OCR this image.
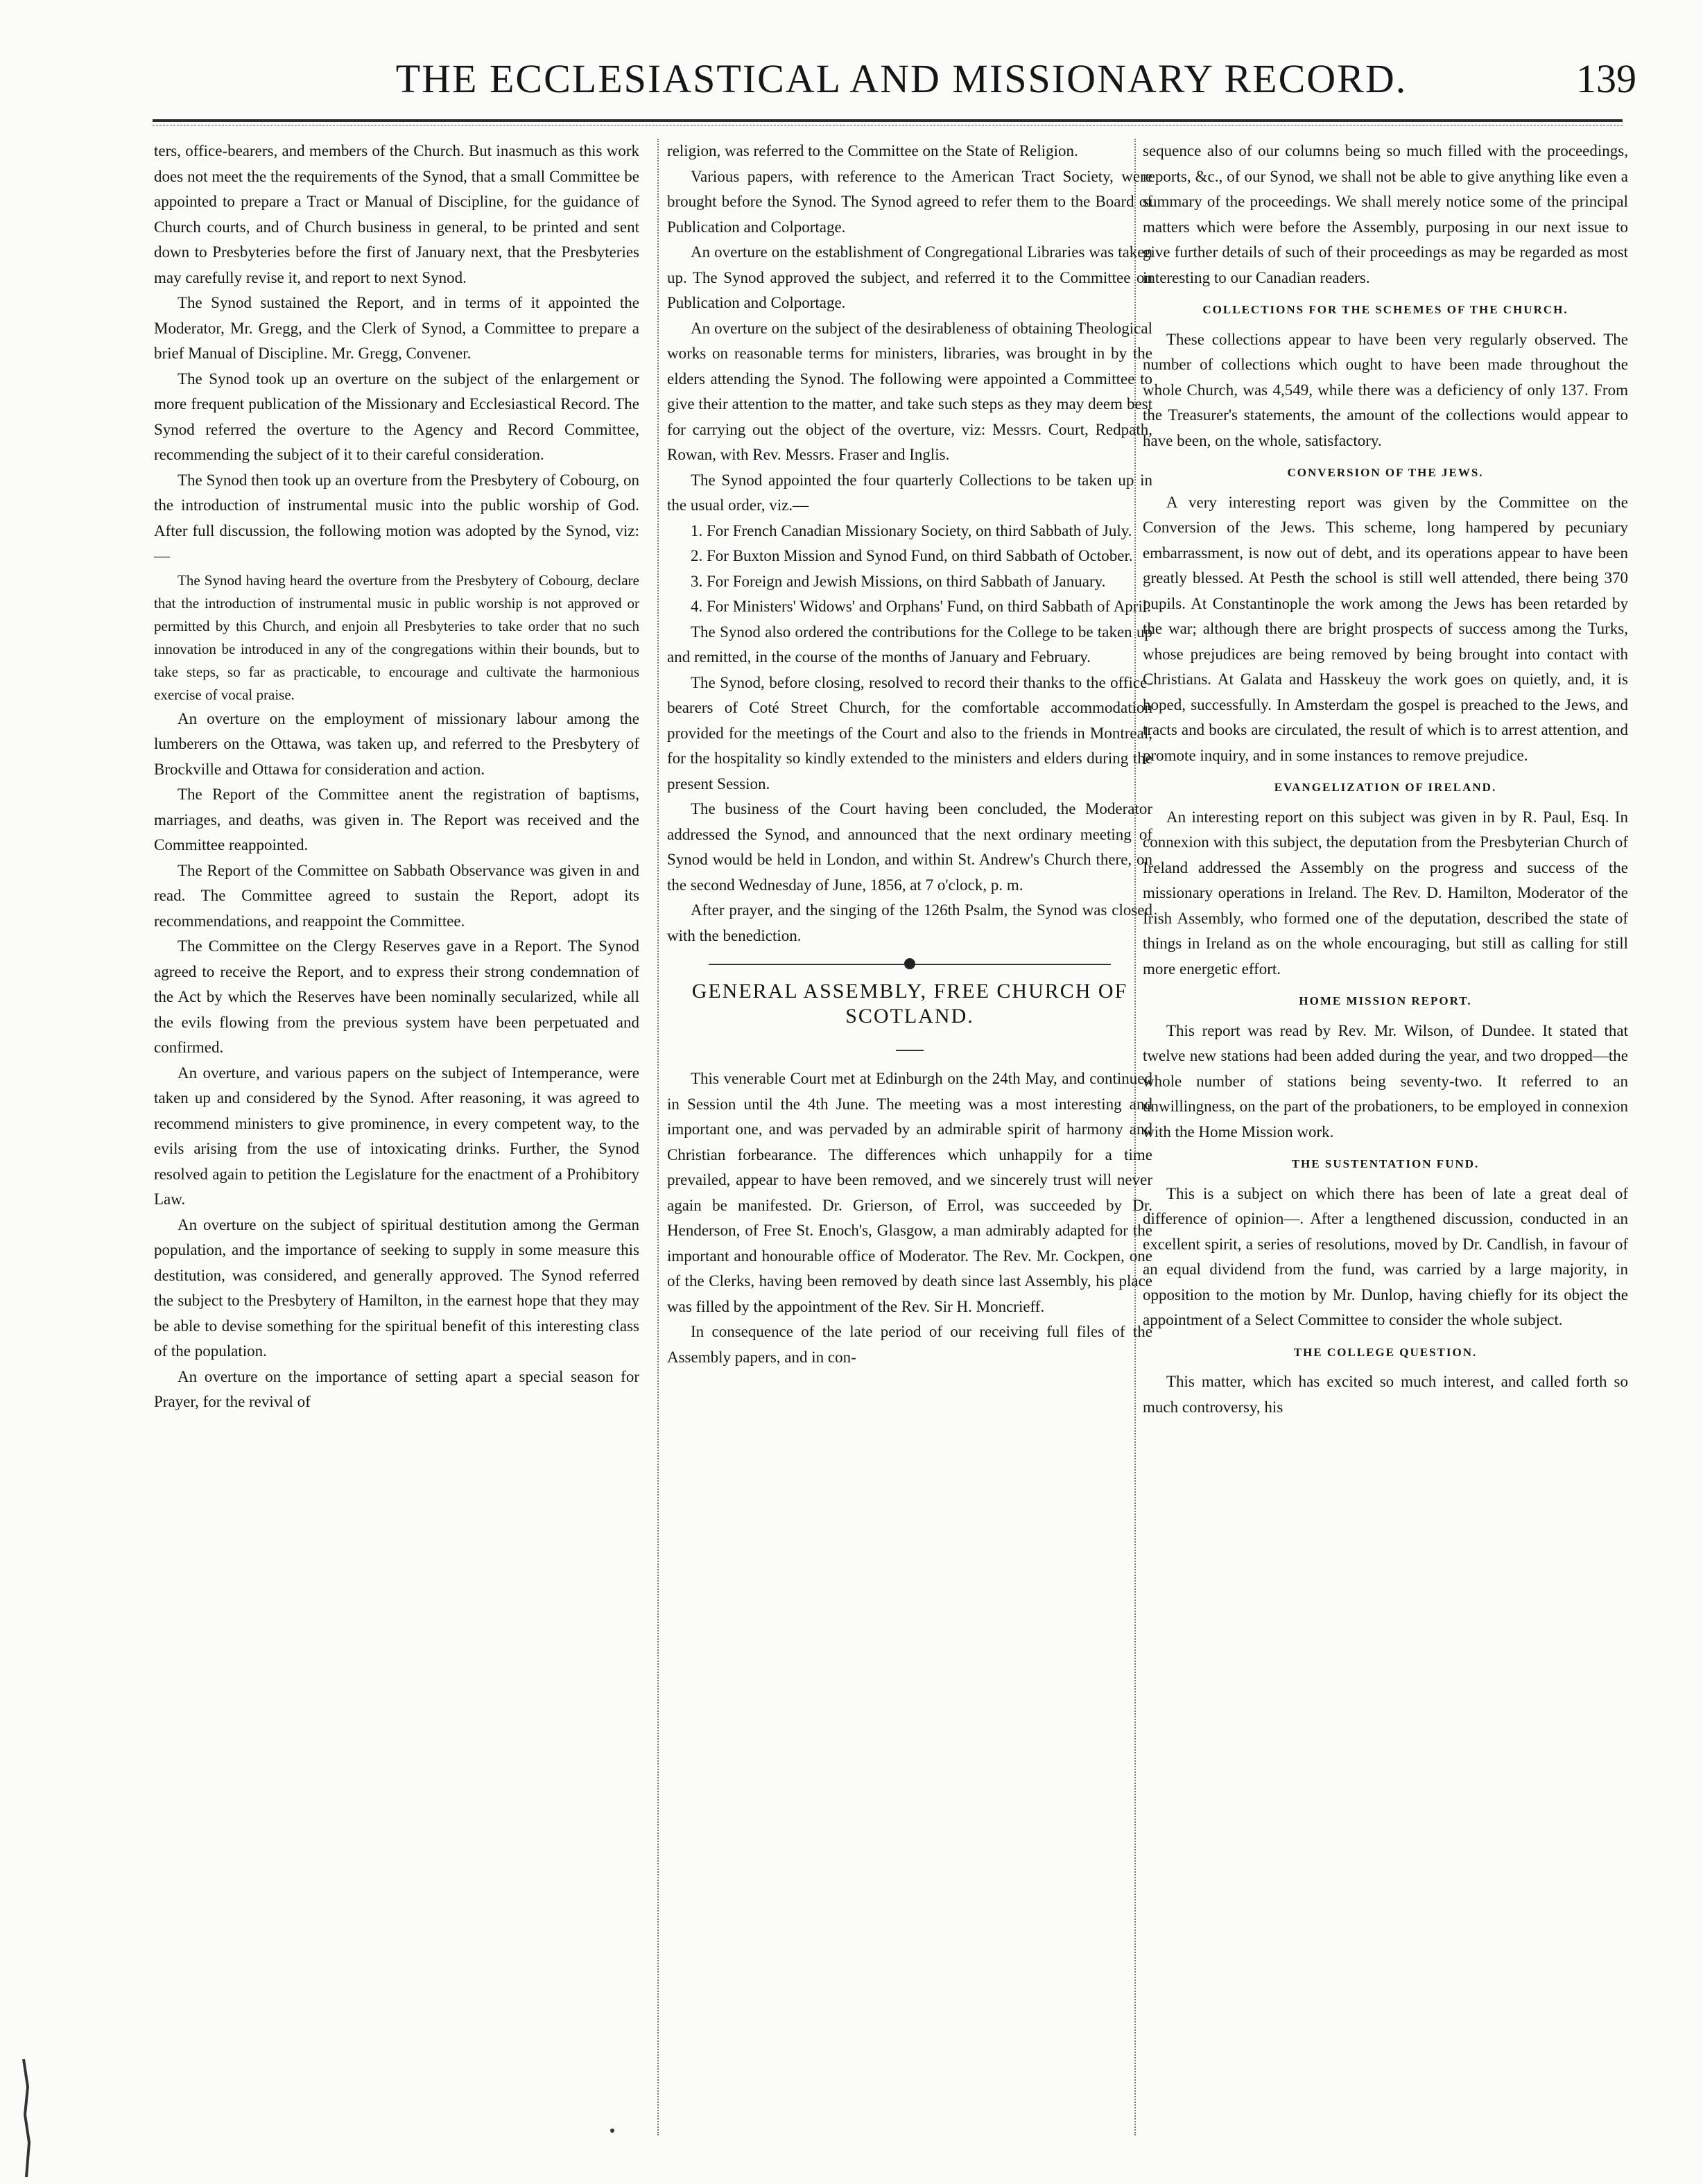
THE ECCLESIASTICAL AND MISSIONARY RECORD.	139

ters, office-bearers, and members of the Church. But inasmuch as this work does not meet the the requirements of the Synod, that a small Committee be appointed to prepare a Tract or Manual of Discipline, for the guidance of Church courts, and of Church business in general, to be printed and sent down to Presbyteries before the first of January next, that the Presbyteries may carefully revise it, and report to next Synod.

The Synod sustained the Report, and in terms of it appointed the Moderator, Mr. Gregg, and the Clerk of Synod, a Committee to prepare a brief Manual of Discipline. Mr. Gregg, Convener.

The Synod took up an overture on the subject of the enlargement or more frequent publication of the Missionary and Ecclesiastical Record. The Synod referred the overture to the Agency and Record Committee, recommending the subject of it to their careful consideration.

The Synod then took up an overture from the Presbytery of Cobourg, on the introduction of instrumental music into the public worship of God. After full discussion, the following motion was adopted by the Synod, viz:—

The Synod having heard the overture from the Presbytery of Cobourg, declare that the introduction of instrumental music in public worship is not approved or permitted by this Church, and enjoin all Presbyteries to take order that no such innovation be introduced in any of the congregations within their bounds, but to take steps, so far as practicable, to encourage and cultivate the harmonious exercise of vocal praise.

An overture on the employment of missionary labour among the lumberers on the Ottawa, was taken up, and referred to the Presbytery of Brockville and Ottawa for consideration and action.

The Report of the Committee anent the registration of baptisms, marriages, and deaths, was given in. The Report was received and the Committee reappointed.

The Report of the Committee on Sabbath Observance was given in and read. The Committee agreed to sustain the Report, adopt its recommendations, and reappoint the Committee.

The Committee on the Clergy Reserves gave in a Report. The Synod agreed to receive the Report, and to express their strong condemnation of the Act by which the Reserves have been nominally secularized, while all the evils flowing from the previous system have been perpetuated and confirmed.

An overture, and various papers on the subject of Intemperance, were taken up and considered by the Synod. After reasoning, it was agreed to recommend ministers to give prominence, in every competent way, to the evils arising from the use of intoxicating drinks. Further, the Synod resolved again to petition the Legislature for the enactment of a Prohibitory Law.

An overture on the subject of spiritual destitution among the German population, and the importance of seeking to supply in some measure this destitution, was considered, and generally approved. The Synod referred the subject to the Presbytery of Hamilton, in the earnest hope that they may be able to devise something for the spiritual benefit of this interesting class of the population.

An overture on the importance of setting apart a special season for Prayer, for the revival of

religion, was referred to the Committee on the State of Religion.

Various papers, with reference to the American Tract Society, were brought before the Synod. The Synod agreed to refer them to the Board of Publication and Colportage.

An overture on the establishment of Congregational Libraries was taken up. The Synod approved the subject, and referred it to the Committee on Publication and Colportage.

An overture on the subject of the desirableness of obtaining Theological works on reasonable terms for ministers, libraries, was brought in by the elders attending the Synod. The following were appointed a Committee to give their attention to the matter, and take such steps as they may deem best for carrying out the object of the overture, viz: Messrs. Court, Redpath, Rowan, with Rev. Messrs. Fraser and Inglis.

The Synod appointed the four quarterly Collections to be taken up in the usual order, viz.—

1. For French Canadian Missionary Society, on third Sabbath of July.

2. For Buxton Mission and Synod Fund, on third Sabbath of October.

3. For Foreign and Jewish Missions, on third Sabbath of January.

4. For Ministers' Widows' and Orphans' Fund, on third Sabbath of April.

The Synod also ordered the contributions for the College to be taken up and remitted, in the course of the months of January and February.

The Synod, before closing, resolved to record their thanks to the office-bearers of Coté Street Church, for the comfortable accommodation provided for the meetings of the Court and also to the friends in Montreal, for the hospitality so kindly extended to the ministers and elders during the present Session.

The business of the Court having been concluded, the Moderator addressed the Synod, and announced that the next ordinary meeting of Synod would be held in London, and within St. Andrew's Church there, on the second Wednesday of June, 1856, at 7 o'clock, p. m.

After prayer, and the singing of the 126th Psalm, the Synod was closed with the benediction.

GENERAL ASSEMBLY, FREE CHURCH OF SCOTLAND.

This venerable Court met at Edinburgh on the 24th May, and continued in Session until the 4th June. The meeting was a most interesting and important one, and was pervaded by an admirable spirit of harmony and Christian forbearance. The differences which unhappily for a time prevailed, appear to have been removed, and we sincerely trust will never again be manifested. Dr. Grierson, of Errol, was succeeded by Dr. Henderson, of Free St. Enoch's, Glasgow, a man admirably adapted for the important and honourable office of Moderator. The Rev. Mr. Cockpen, one of the Clerks, having been removed by death since last Assembly, his place was filled by the appointment of the Rev. Sir H. Moncrieff.

In consequence of the late period of our receiving full files of the Assembly papers, and in con-

sequence also of our columns being so much filled with the proceedings, reports, &c., of our Synod, we shall not be able to give anything like even a summary of the proceedings. We shall merely notice some of the principal matters which were before the Assembly, purposing in our next issue to give further details of such of their proceedings as may be regarded as most interesting to our Canadian readers.

COLLECTIONS FOR THE SCHEMES OF THE CHURCH.

These collections appear to have been very regularly observed. The number of collections which ought to have been made throughout the whole Church, was 4,549, while there was a deficiency of only 137. From the Treasurer's statements, the amount of the collections would appear to have been, on the whole, satisfactory.

CONVERSION OF THE JEWS.

A very interesting report was given by the Committee on the Conversion of the Jews. This scheme, long hampered by pecuniary embarrassment, is now out of debt, and its operations appear to have been greatly blessed. At Pesth the school is still well attended, there being 370 pupils. At Constantinople the work among the Jews has been retarded by the war; although there are bright prospects of success among the Turks, whose prejudices are being removed by being brought into contact with Christians. At Galata and Hasskeuy the work goes on quietly, and, it is hoped, successfully. In Amsterdam the gospel is preached to the Jews, and tracts and books are circulated, the result of which is to arrest attention, and promote inquiry, and in some instances to remove prejudice.

EVANGELIZATION OF IRELAND.

An interesting report on this subject was given in by R. Paul, Esq. In connexion with this subject, the deputation from the Presbyterian Church of Ireland addressed the Assembly on the progress and success of the missionary operations in Ireland. The Rev. D. Hamilton, Moderator of the Irish Assembly, who formed one of the deputation, described the state of things in Ireland as on the whole encouraging, but still as calling for still more energetic effort.

HOME MISSION REPORT.

This report was read by Rev. Mr. Wilson, of Dundee. It stated that twelve new stations had been added during the year, and two dropped—the whole number of stations being seventy-two. It referred to an unwillingness, on the part of the probationers, to be employed in connexion with the Home Mission work.

THE SUSTENTATION FUND.

This is a subject on which there has been of late a great deal of difference of opinion—. After a lengthened discussion, conducted in an excellent spirit, a series of resolutions, moved by Dr. Candlish, in favour of an equal dividend from the fund, was carried by a large majority, in opposition to the motion by Mr. Dunlop, having chiefly for its object the appointment of a Select Committee to consider the whole subject.

THE COLLEGE QUESTION.

This matter, which has excited so much interest, and called forth so much controversy, his
